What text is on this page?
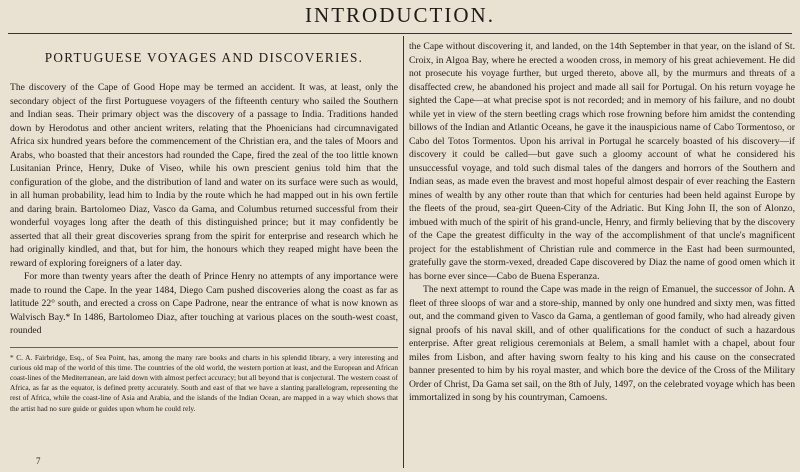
INTRODUCTION.
PORTUGUESE VOYAGES AND DISCOVERIES.

The discovery of the Cape of Good Hope may be termed an accident. It was, at least, only the secondary object of the first Portuguese voyagers of the fifteenth century who sailed the Southern and Indian seas. Their primary object was the discovery of a passage to India. Traditions handed down by Herodotus and other ancient writers, relating that the Phoenicians had circumnavigated Africa six hundred years before the commencement of the Christian era, and the tales of Moors and Arabs, who boasted that their ancestors had rounded the Cape, fired the zeal of the too little known Lusitanian Prince, Henry, Duke of Viseo, while his own prescient genius told him that the configuration of the globe, and the distribution of land and water on its surface were such as would, in all human probability, lead him to India by the route which he had mapped out in his own fertile and daring brain. Bartolomeo Diaz, Vasco da Gama, and Columbus returned successful from their wonderful voyages long after the death of this distinguished prince; but it may confidently be asserted that all their great discoveries sprang from the spirit for enterprise and research which he had originally kindled, and that, but for him, the honours which they reaped might have been the reward of exploring foreigners of a later day.

For more than twenty years after the death of Prince Henry no attempts of any importance were made to round the Cape. In the year 1484, Diego Cam pushed discoveries along the coast as far as latitude 22° south, and erected a cross on Cape Padrone, near the entrance of what is now known as Walvisch Bay.* In 1486, Bartolomeo Diaz, after touching at various places on the south-west coast, rounded

* C. A. Fairbridge, Esq., of Sea Point, has, among the many rare books and charts in his splendid library, a very interesting and curious old map of the world of this time. The countries of the old world, the western portion at least, and the European and African coast-lines of the Mediterranean, are laid down with almost perfect accuracy; but all beyond that is conjectural. The western coast of Africa, as far as the equator, is defined pretty accurately. South and east of that we have a slanting parallelogram, representing the rest of Africa, while the coast-line of Asia and Arabia, and the islands of the Indian Ocean, are mapped in a way which shows that the artist had no sure guide or guides upon whom he could rely.

the Cape without discovering it, and landed, on the 14th September in that year, on the island of St. Croix, in Algoa Bay, where he erected a wooden cross, in memory of his great achievement. He did not prosecute his voyage further, but urged thereto, above all, by the murmurs and threats of a disaffected crew, he abandoned his project and made all sail for Portugal. On his return voyage he sighted the Cape—at what precise spot is not recorded; and in memory of his failure, and no doubt while yet in view of the stern beetling crags which rose frowning before him amidst the contending billows of the Indian and Atlantic Oceans, he gave it the inauspicious name of Cabo Tormentoso, or Cabo del Totos Tormentos. Upon his arrival in Portugal he scarcely boasted of his discovery—if discovery it could be called—but gave such a gloomy account of what he considered his unsuccessful voyage, and told such dismal tales of the dangers and horrors of the Southern and Indian seas, as made even the bravest and most hopeful almost despair of ever reaching the Eastern mines of wealth by any other route than that which for centuries had been held against Europe by the fleets of the proud, sea-girt Queen-City of the Adriatic. But King John II, the son of Alonzo, imbued with much of the spirit of his grand-uncle, Henry, and firmly believing that by the discovery of the Cape the greatest difficulty in the way of the accomplishment of that uncle's magnificent project for the establishment of Christian rule and commerce in the East had been surmounted, gratefully gave the storm-vexed, dreaded Cape discovered by Diaz the name of good omen which it has borne ever since—Cabo de Buena Esperanza.

The next attempt to round the Cape was made in the reign of Emanuel, the successor of John. A fleet of three sloops of war and a store-ship, manned by only one hundred and sixty men, was fitted out, and the command given to Vasco da Gama, a gentleman of good family, who had already given signal proofs of his naval skill, and of other qualifications for the conduct of such a hazardous enterprise. After great religious ceremonials at Belem, a small hamlet with a chapel, about four miles from Lisbon, and after having sworn fealty to his king and his cause on the consecrated banner presented to him by his royal master, and which bore the device of the Cross of the Military Order of Christ, Da Gama set sail, on the 8th of July, 1497, on the celebrated voyage which has been immortalized in song by his countryman, Camoens.

7
